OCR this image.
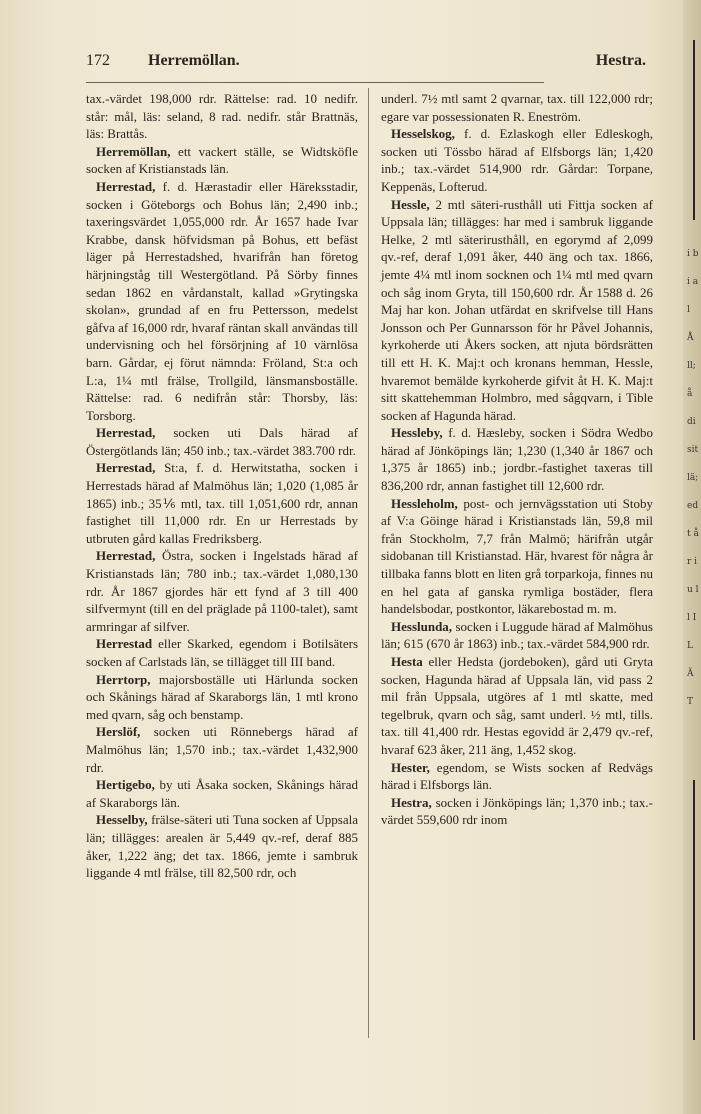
172 Herremöllan.	Hestra.

tax.-värdet 198,000 rdr. Rättelse: rad. 10 nedifr. står: mål, läs: seland, 8 rad. nedifr. står Brattnäs, läs: Brattås.

Herremöllan, ett vackert ställe, se Widtsköfle socken af Kristianstads län.

Herrestad, f. d. Hærastadir eller Häreksstadir, socken i Göteborgs och Bohus län; 2,490 inb.; taxeringsvärdet 1,055,000 rdr. År 1657 hade Ivar Krabbe, dansk höfvidsman på Bohus, ett befäst läger på Herrestadshed, hvarifrån han företog härjningståg till Westergötland. På Sörby finnes sedan 1862 en vårdanstalt, kallad »Grytingska skolan», grundad af en fru Pettersson, medelst gåfva af 16,000 rdr, hvaraf räntan skall användas till undervisning och hel försörjning af 10 värnlösa barn. Gårdar, ej förut nämnda: Fröland, St:a och L:a, 1¼ mtl frälse, Trollgild, länsmansboställe. Rättelse: rad. 6 nedifrån står: Thorsby, läs: Torsborg.

Herrestad, socken uti Dals härad af Östergötlands län; 450 inb.; tax.-värdet 383.700 rdr.

Herrestad, St:a, f. d. Herwitstatha, socken i Herrestads härad af Malmöhus län; 1,020 (1,085 år 1865) inb.; 35⅙ mtl, tax. till 1,051,600 rdr, annan fastighet till 11,000 rdr. En ur Herrestads by utbruten gård kallas Fredriksberg.

Herrestad, Östra, socken i Ingelstads härad af Kristianstads län; 780 inb.; tax.-värdet 1,080,130 rdr. År 1867 gjordes här ett fynd af 3 till 400 silfvermynt (till en del präglade på 1100-talet), samt armringar af silfver.

Herrestad eller Skarked, egendom i Botilsäters socken af Carlstads län, se tillägget till III band.

Herrtorp, majorsboställe uti Härlunda socken och Skånings härad af Skaraborgs län, 1 mtl krono med qvarn, såg och benstamp.

Herslöf, socken uti Rönnebergs härad af Malmöhus län; 1,570 inb.; tax.-värdet 1,432,900 rdr.

Hertigebo, by uti Åsaka socken, Skånings härad af Skaraborgs län.

Hesselby, frälse-säteri uti Tuna socken af Uppsala län; tillägges: arealen är 5,449 qv.-ref, deraf 885 åker, 1,222 äng; det tax. 1866, jemte i sambruk liggande 4 mtl frälse, till 82,500 rdr, och

underl. 7½ mtl samt 2 qvarnar, tax. till 122,000 rdr; egare var possessionaten R. Eneström.

Hesselskog, f. d. Ezlaskogh eller Edleskogh, socken uti Tössbo härad af Elfsborgs län; 1,420 inb.; tax.-värdet 514,900 rdr. Gårdar: Torpane, Keppenäs, Lofterud.

Hessle, 2 mtl säteri-rusthåll uti Fittja socken af Uppsala län; tillägges: har med i sambruk liggande Helke, 2 mtl säterirusthåll, en egorymd af 2,099 qv.-ref, deraf 1,091 åker, 440 äng och tax. 1866, jemte 4¼ mtl inom socknen och 1¼ mtl med qvarn och såg inom Gryta, till 150,600 rdr. År 1588 d. 26 Maj har kon. Johan utfärdat en skrifvelse till Hans Jonsson och Per Gunnarsson för hr Påvel Johannis, kyrkoherde uti Åkers socken, att njuta bördsrätten till ett H. K. Maj:t och kronans hemman, Hessle, hvaremot bemälde kyrkoherde gifvit åt H. K. Maj:t sitt skattehemman Holmbro, med sågqvarn, i Tible socken af Hagunda härad.

Hessleby, f. d. Hæsleby, socken i Södra Wedbo härad af Jönköpings län; 1,230 (1,340 år 1867 och 1,375 år 1865) inb.; jordbr.-fastighet taxeras till 836,200 rdr, annan fastighet till 12,600 rdr.

Hessleholm, post- och jernvägsstation uti Stoby af V:a Göinge härad i Kristianstads län, 59,8 mil från Stockholm, 7,7 från Malmö; härifrån utgår sidobanan till Kristianstad. Här, hvarest för några år tillbaka fanns blott en liten grå torparkoja, finnes nu en hel gata af ganska rymliga bostäder, flera handelsbodar, postkontor, läkarebostad m. m.

Hesslunda, socken i Luggude härad af Malmöhus län; 615 (670 år 1863) inb.; tax.-värdet 584,900 rdr.

Hesta eller Hedsta (jordeboken), gård uti Gryta socken, Hagunda härad af Uppsala län, vid pass 2 mil från Uppsala, utgöres af 1 mtl skatte, med tegelbruk, qvarn och såg, samt underl. ½ mtl, tills. tax. till 41,400 rdr. Hestas egovidd är 2,479 qv.-ref, hvaraf 623 åker, 211 äng, 1,452 skog.

Hester, egendom, se Wists socken af Redvägs härad i Elfsborgs län.

Hestra, socken i Jönköpings län; 1,370 inb.; tax.-värdet 559,600 rdr inom

i bi al Å ll; å di sit lä; ed t år iu ll IL Ä T
